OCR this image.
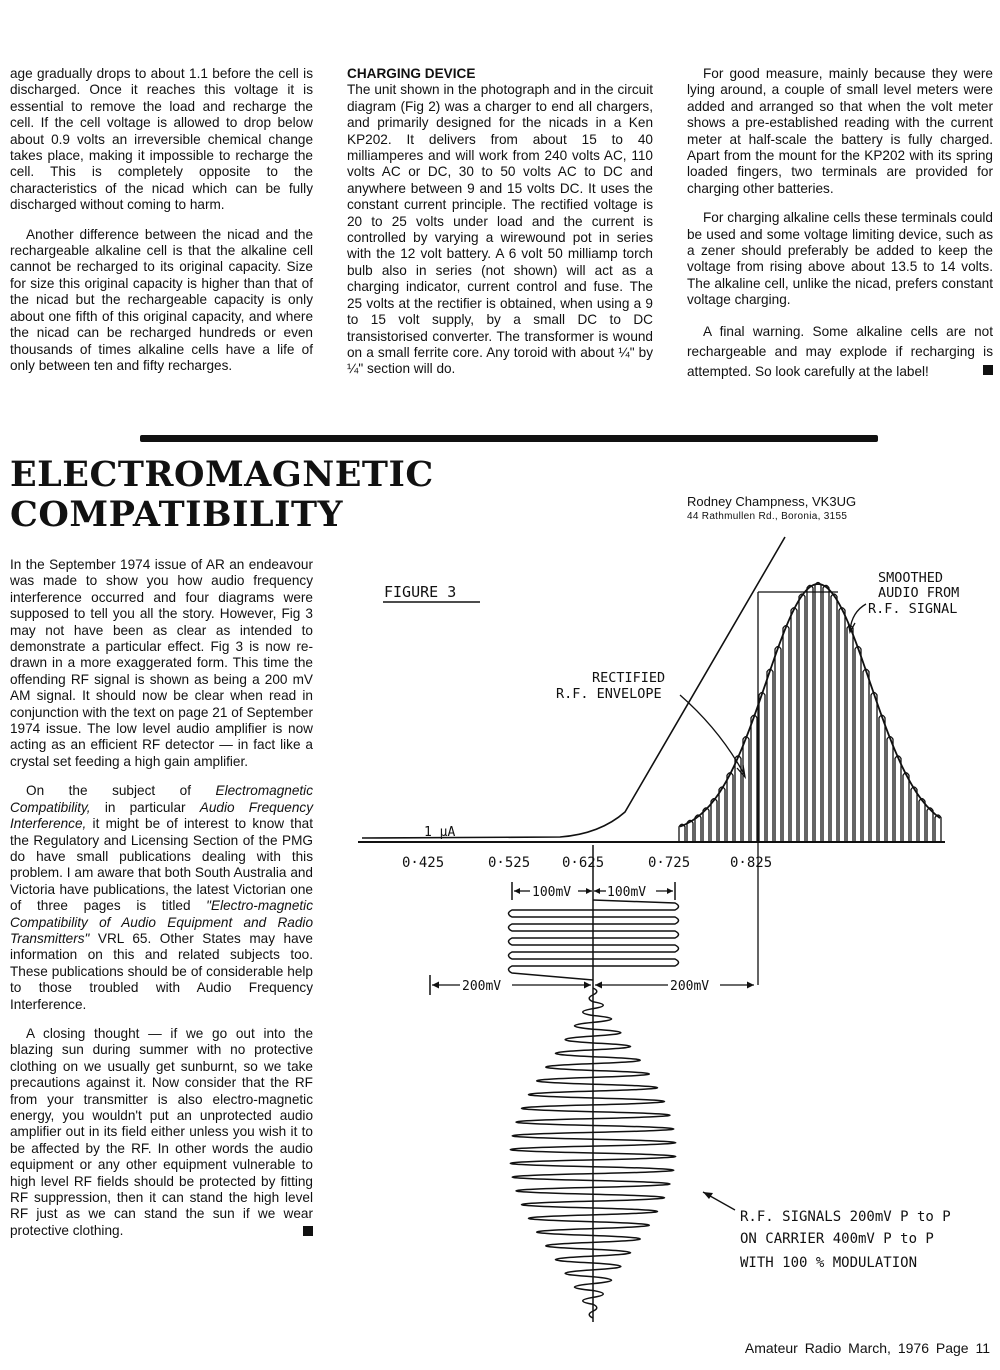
age gradually drops to about 1.1 before the cell is discharged. Once it reaches this voltage it is essential to remove the load and recharge the cell. If the cell voltage is allowed to drop below about 0.9 volts an irreversible chemical change takes place, making it impossible to recharge the cell. This is completely opposite to the characteristics of the nicad which can be fully discharged without coming to harm.

Another difference between the nicad and the rechargeable alkaline cell is that the alkaline cell cannot be recharged to its original capacity. Size for size this original capacity is higher than that of the nicad but the rechargeable capacity is only about one fifth of this original capacity, and where the nicad can be recharged hundreds or even thousands of times alkaline cells have a life of only between ten and fifty recharges.

CHARGING DEVICE

The unit shown in the photograph and in the circuit diagram (Fig 2) was a charger to end all chargers, and primarily designed for the nicads in a Ken KP202. It delivers from about 15 to 40 milliamperes and will work from 240 volts AC, 110 volts AC or DC, 30 to 50 volts AC to DC and anywhere between 9 and 15 volts DC. It uses the constant current principle. The rectified voltage is 20 to 25 volts under load and the current is controlled by varying a wirewound pot in series with the 12 volt battery. A 6 volt 50 milliamp torch bulb also in series (not shown) will act as a charging indicator, current control and fuse. The 25 volts at the rectifier is obtained, when using a 9 to 15 volt supply, by a small DC to DC transistorised converter. The transformer is wound on a small ferrite core. Any toroid with about ¼" by ¼" section will do.

For good measure, mainly because they were lying around, a couple of small level meters were added and arranged so that when the volt meter shows a pre-established reading with the current meter at half-scale the battery is fully charged. Apart from the mount for the KP202 with its spring loaded fingers, two terminals are provided for charging other batteries.

For charging alkaline cells these terminals could be used and some voltage limiting device, such as a zener should preferably be added to keep the voltage from rising above about 13.5 to 14 volts. The alkaline cell, unlike the nicad, prefers constant voltage charging.

A final warning. Some alkaline cells are not rechargeable and may explode if recharging is attempted. So look carefully at the label!

ELECTROMAGNETIC
COMPATIBILITY	Rodney Champness, VK3UG
44 Rathmullen Rd., Boronia, 3155

In the September 1974 issue of AR an endeavour was made to show you how audio frequency interference occurred and four diagrams were supposed to tell you all the story. However, Fig 3 may not have been as clear as intended to demonstrate a particular effect. Fig 3 is now re-drawn in a more exaggerated form. This time the offending RF signal is shown as being a 200 mV AM signal. It should now be clear when read in conjunction with the text on page 21 of September 1974 issue. The low level audio amplifier is now acting as an efficient RF detector — in fact like a crystal set feeding a high gain amplifier.

On the subject of Electromagnetic Compatibility, in particular Audio Frequency Interference, it might be of interest to know that the Regulatory and Licensing Section of the PMG do have small publications dealing with this problem. I am aware that both South Australia and Victoria have publications, the latest Victorian one of three pages is titled "Electro-magnetic Compatibility of Audio Equipment and Radio Transmitters" VRL 65. Other States may have information on this and related subjects too. These publications should be of considerable help to those troubled with Audio Frequency Interference.

A closing thought — if we go out into the blazing sun during summer with no protective clothing on we usually get sunburnt, so we take precautions against it. Now consider that the RF from your transmitter is also electro-magnetic energy, you wouldn't put an unprotected audio amplifier out in its field either unless you wish it to be affected by the RF. In other words the audio equipment or any other equipment vulnerable to high level RF fields should be protected by fitting RF suppression, then it can stand the high level RF just as we can stand the sun if we wear protective clothing.

FIGURE 3
SMOOTHED
AUDIO FROM
R.F. SIGNAL
RECTIFIED
R.F. ENVELOPE
1 μA
0·425	0·525 0·625	0·725	0·825
100mV	100mV
200mV	200mV
R.F. SIGNALS 200mV P to P
ON CARRIER 400mV P to P
WITH 100 % MODULATION
Amateur Radio March, 1976 Page 11
